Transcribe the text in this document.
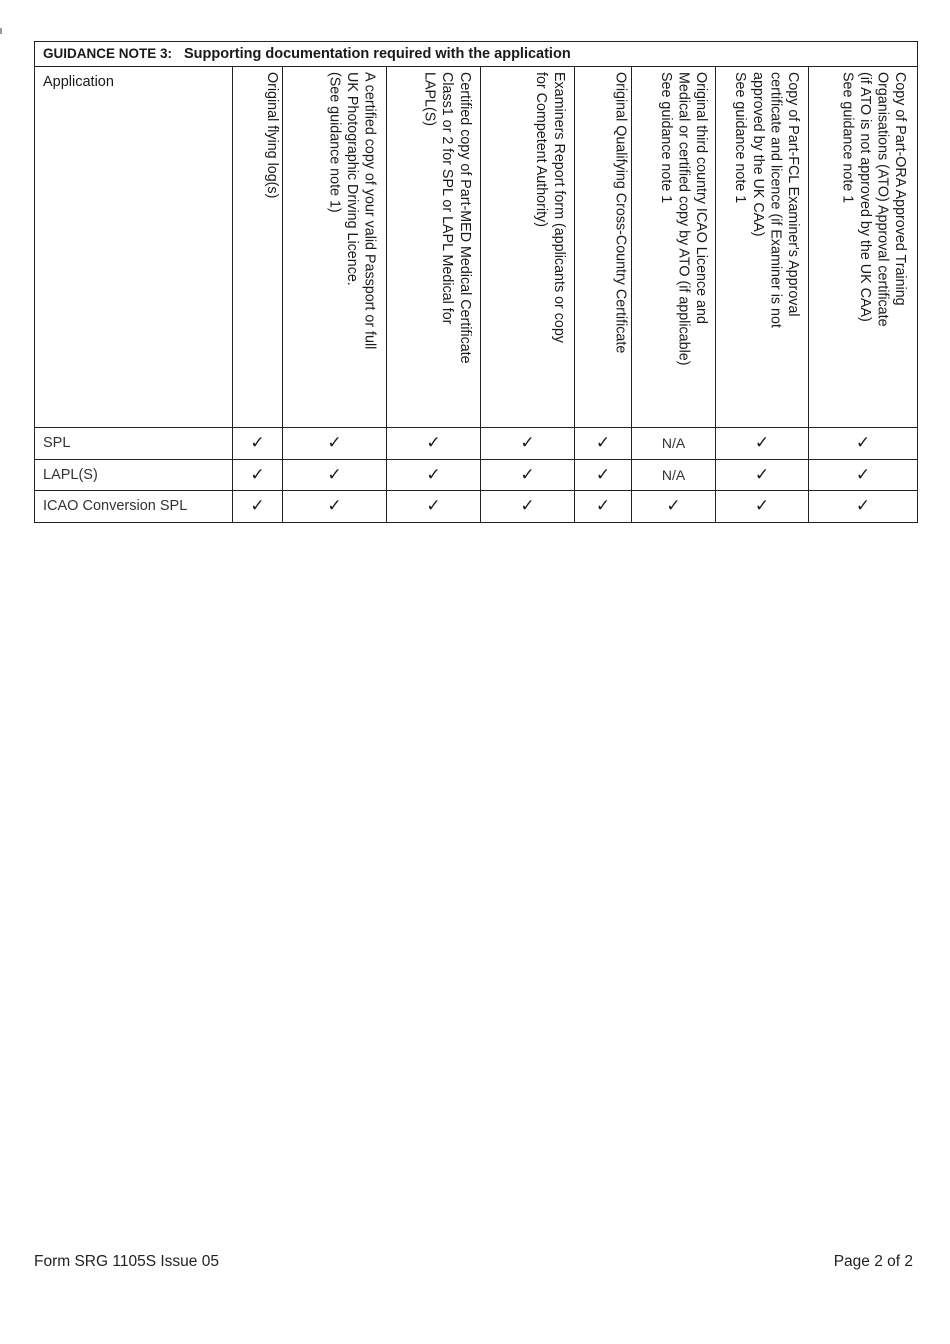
GUIDANCE NOTE 3: Supporting documentation required with the application								
Application	Original flying log(s)	A certified copy of your valid Passport or full
UK Photographic Driving Licence.
(See guidance note 1)	Certified copy of Part-MED Medical Certificate
Class1 or 2 for SPL or LAPL Medical for
LAPL(S)	Examiners Report form (applicants or copy
for Competent Authority)	Original Qualifying Cross-Country Certificate	Original third country ICAO Licence and
Medical or certified copy by ATO (if applicable)
See guidance note 1	Copy of Part-FCL Examiner's Approval
certificate and licence (if Examiner is not
approved by the UK CAA)
See guidance note 1	Copy of Part-ORA Approved Training
Organisations (ATO) Approval certificate
(if ATO is not approved by the UK CAA)
See guidance note 1

SPL	✓	✓	✓	✓	✓	N/A	✓	✓
LAPL(S)	✓	✓	✓	✓	✓	N/A	✓	✓
ICAO Conversion SPL	✓	✓	✓	✓	✓	✓	✓	✓
Form SRG 1105S Issue 05	Page 2 of 2
